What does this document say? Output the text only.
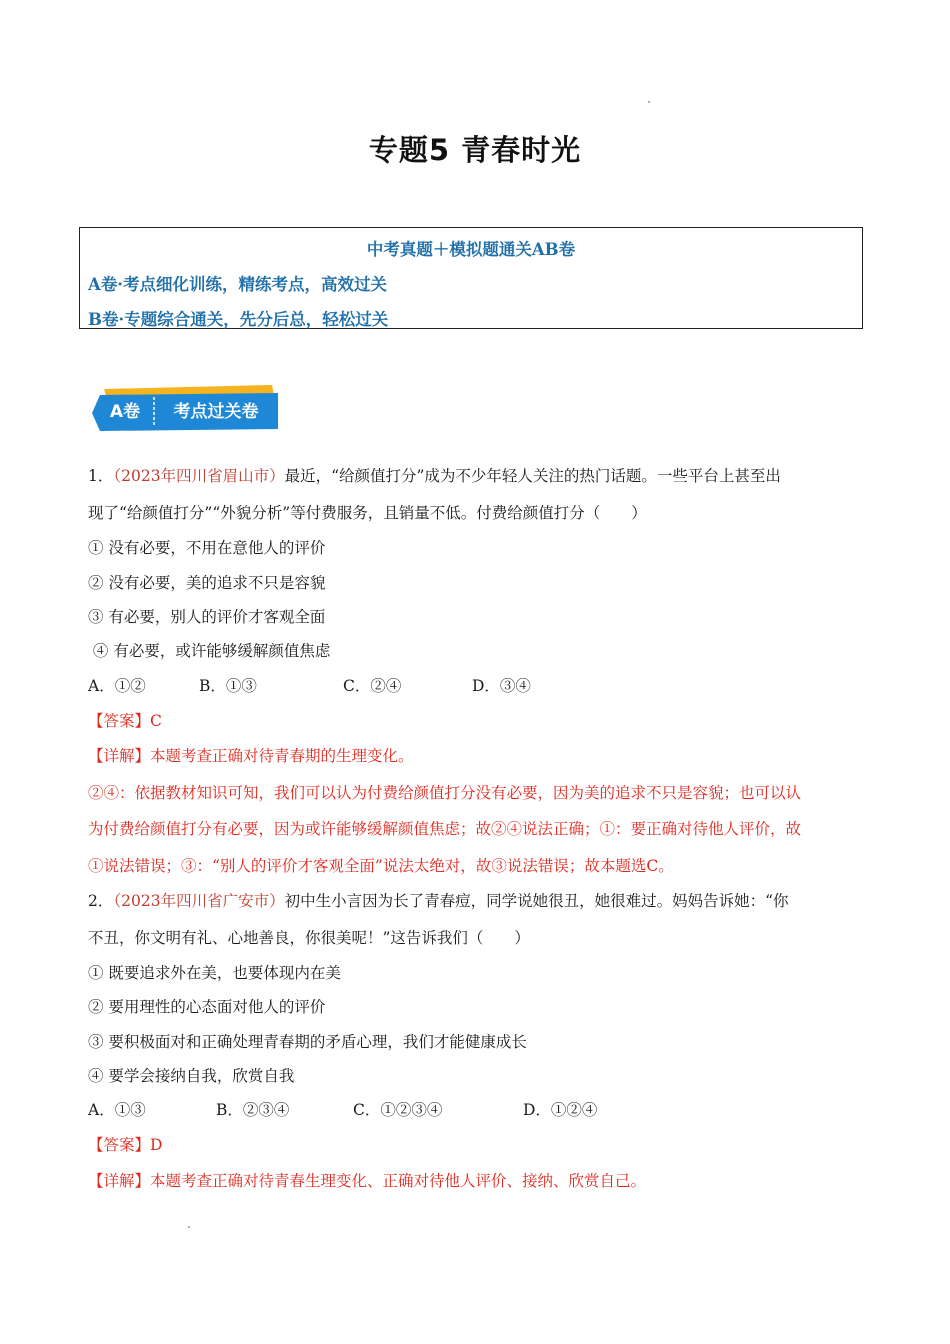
专题5 青春时光
中考真题＋模拟题通关AB卷
A卷·考点细化训练，精练考点，高效过关
B卷·专题综合通关，先分后总，轻松过关
A卷 考点过关卷
1．（2023年四川省眉山市）最近，“给颜值打分”成为不少年轻人关注的热门话题。一些平台上甚至出
现了“给颜值打分”“外貌分析”等付费服务，且销量不低。付费给颜值打分（　　）
① 没有必要，不用在意他人的评价
② 没有必要，美的追求不只是容貌
③ 有必要，别人的评价才客观全面
④ 有必要，或许能够缓解颜值焦虑
A．①②	B．①③	C．②④	D．③④
【答案】C
【详解】本题考查正确对待青春期的生理变化。
②④：依据教材知识可知，我们可以认为付费给颜值打分没有必要，因为美的追求不只是容貌；也可以认
为付费给颜值打分有必要，因为或许能够缓解颜值焦虑；故②④说法正确；①：要正确对待他人评价，故
①说法错误；③：“别人的评价才客观全面”说法太绝对，故③说法错误；故本题选C。
2．（2023年四川省广安市）初中生小言因为长了青春痘，同学说她很丑，她很难过。妈妈告诉她：“你
不丑，你文明有礼、心地善良，你很美呢！”这告诉我们（　　）
① 既要追求外在美，也要体现内在美
② 要用理性的心态面对他人的评价
③ 要积极面对和正确处理青春期的矛盾心理，我们才能健康成长
④ 要学会接纳自我，欣赏自我
A．①③	B．②③④	C．①②③④	D．①②④
【答案】D
【详解】本题考查正确对待青春生理变化、正确对待他人评价、接纳、欣赏自己。
